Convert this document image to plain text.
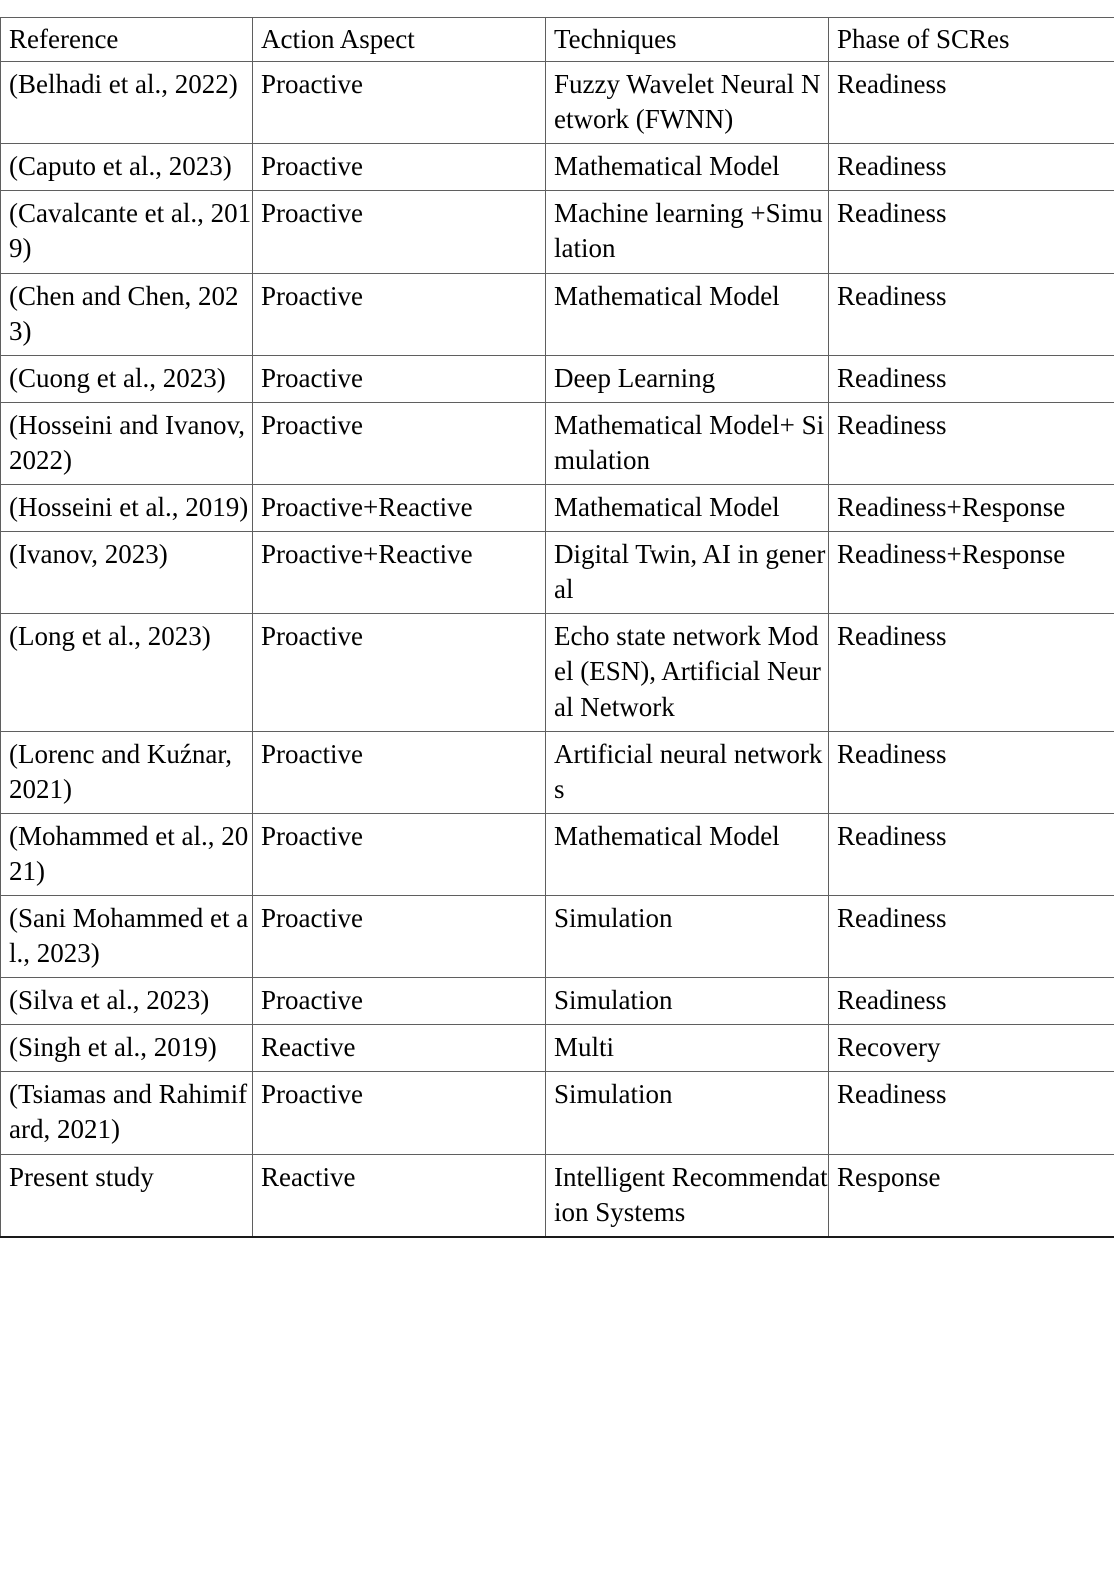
Reference	Action Aspect	Techniques	Phase of SCRes

(Belhadi et al., 2022)	Proactive	Fuzzy Wavelet Neural Network (FWNN)	Readiness

(Caputo et al., 2023)	Proactive	Mathematical Model	Readiness

(Cavalcante et al., 2019)	Proactive	Machine learning +Simulation	Readiness

(Chen and Chen, 2023)	Proactive	Mathematical Model	Readiness

(Cuong et al., 2023)	Proactive	Deep Learning	Readiness

(Hosseini and Ivanov, 2022)	Proactive	Mathematical Model+ Simulation	Readiness

(Hosseini et al., 2019)	Proactive+Reactive	Mathematical Model	Readiness+Response

(Ivanov, 2023)	Proactive+Reactive	Digital Twin, AI in general	Readiness+Response

(Long et al., 2023)	Proactive	Echo state network Model (ESN), Artificial Neural Network	Readiness

(Lorenc and Kuźnar, 2021)	Proactive	Artificial neural networks	Readiness

(Mohammed et al., 2021)	Proactive	Mathematical Model	Readiness

(Sani Mohammed et al., 2023)	Proactive	Simulation	Readiness

(Silva et al., 2023)	Proactive	Simulation	Readiness

(Singh et al., 2019)	Reactive	Multi	Recovery

(Tsiamas and Rahimifard, 2021)	Proactive	Simulation	Readiness

Present study	Reactive	Intelligent Recommendation Systems	Response
